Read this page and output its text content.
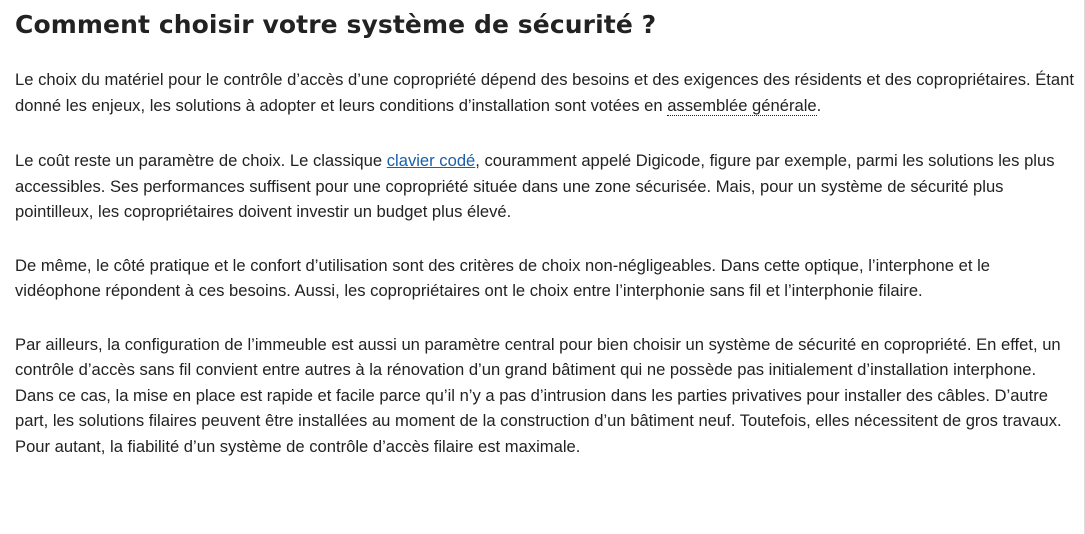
Comment choisir votre système de sécurité ?

Le choix du matériel pour le contrôle d’accès d’une copropriété dépend des besoins et des exigences des résidents et des copropriétaires. Étant donné les enjeux, les solutions à adopter et leurs conditions d’installation sont votées en assemblée générale.

Le coût reste un paramètre de choix. Le classique clavier codé, couramment appelé Digicode, figure par exemple, parmi les solutions les plus accessibles. Ses performances suffisent pour une copropriété située dans une zone sécurisée. Mais, pour un système de sécurité plus pointilleux, les copropriétaires doivent investir un budget plus élevé.

De même, le côté pratique et le confort d’utilisation sont des critères de choix non-négligeables. Dans cette optique, l’interphone et le vidéophone répondent à ces besoins. Aussi, les copropriétaires ont le choix entre l’interphonie sans fil et l’interphonie filaire.

Par ailleurs, la configuration de l’immeuble est aussi un paramètre central pour bien choisir un système de sécurité en copropriété. En effet, un contrôle d’accès sans fil convient entre autres à la rénovation d’un grand bâtiment qui ne possède pas initialement d’installation interphone. Dans ce cas, la mise en place est rapide et facile parce qu’il n’y a pas d’intrusion dans les parties privatives pour installer des câbles. D’autre part, les solutions filaires peuvent être installées au moment de la construction d’un bâtiment neuf. Toutefois, elles nécessitent de gros travaux. Pour autant, la fiabilité d’un système de contrôle d’accès filaire est maximale.
